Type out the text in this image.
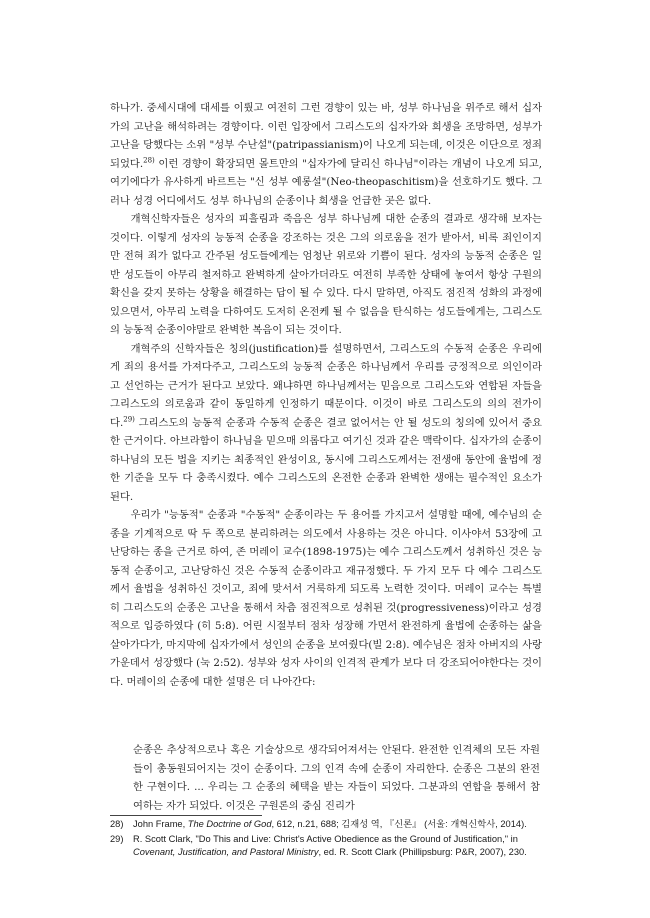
하나가. 중세시대에 대세를 이뤘고 여전히 그런 경향이 있는 바, 성부 하나님을 위주로 해서 십자가의 고난을 해석하려는 경향이다. 이런 입장에서 그리스도의 십자가와 희생을 조망하면, 성부가 고난을 당했다는 소위 "성부 수난설"(patripassianism)이 나오게 되는데, 이것은 이단으로 정죄되었다.$^{28)}$ 이런 경향이 확장되면 몰트만의 "십자가에 달리신 하나님"이라는 개념이 나오게 되고, 여기에다가 유사하게 바르트는 "신 성부 예롱설"(Neo-theopaschitism)을 선호하기도 했다. 그러나 성경 어디에서도 성부 하나님의 순종이나 희생을 언급한 곳은 없다.

개혁신학자들은 성자의 피흘림과 죽음은 성부 하나님께 대한 순종의 결과로 생각해 보자는 것이다. 이렇게 성자의 능동적 순종을 강조하는 것은 그의 의로움을 전가 받아서, 비록 죄인이지만 전혀 죄가 없다고 간주된 성도들에게는 엄청난 위로와 기쁨이 된다. 성자의 능동적 순종은 일반 성도들이 아무리 철저하고 완벽하게 살아가더라도 여전히 부족한 상태에 놓여서 항상 구원의 확신을 갖지 못하는 상황을 해결하는 답이 될 수 있다. 다시 말하면, 아직도 점진적 성화의 과정에 있으면서, 아무리 노력을 다하여도 도저히 온전케 될 수 없음을 탄식하는 성도들에게는, 그리스도의 능동적 순종이야말로 완벽한 복음이 되는 것이다.

개혁주의 신학자들은 칭의(justification)를 설명하면서, 그리스도의 수동적 순종은 우리에게 죄의 용서를 가져다주고, 그리스도의 능동적 순종은 하나님께서 우리를 긍정적으로 의인이라고 선언하는 근거가 된다고 보았다. 왜냐하면 하나님께서는 믿음으로 그리스도와 연합된 자들을 그리스도의 의로움과 같이 동일하게 인정하기 때문이다. 이것이 바로 그리스도의 의의 전가이다.$^{29)}$ 그리스도의 능동적 순종과 수동적 순종은 결코 없어서는 안 될 성도의 칭의에 있어서 중요한 근거이다. 아브라함이 하나님을 믿으매 의롭다고 여기신 것과 같은 맥락이다. 십자가의 순종이 하나님의 모든 법을 지키는 최종적인 완성이요, 동시에 그리스도께서는 전생애 동안에 율법에 정한 기준을 모두 다 충족시켰다. 예수 그리스도의 온전한 순종과 완벽한 생애는 필수적인 요소가 된다.

우리가 "능동적" 순종과 "수동적" 순종이라는 두 용어를 가지고서 설명할 때에, 예수님의 순종을 기계적으로 딱 두 쪽으로 분리하려는 의도에서 사용하는 것은 아니다. 이사야서 53장에 고난당하는 종을 근거로 하여, 존 머레이 교수(1898-1975)는 예수 그리스도께서 성취하신 것은 능동적 순종이고, 고난당하신 것은 수동적 순종이라고 재규정했다. 두 가지 모두 다 예수 그리스도께서 율법을 성취하신 것이고, 죄에 맞서서 거룩하게 되도록 노력한 것이다. 머레이 교수는 특별히 그리스도의 순종은 고난을 통해서 차츰 점진적으로 성취된 것(progressiveness)이라고 성경적으로 입증하였다 (히 5:8). 어린 시절부터 점차 성장해 가면서 완전하게 율법에 순종하는 삶을 살아가다가, 마지막에 십자가에서 성인의 순종을 보여줬다(빌 2:8). 예수님은 점차 아버지의 사랑 가운데서 성장했다 (눅 2:52). 성부와 성자 사이의 인격적 관계가 보다 더 강조되어야한다는 것이다. 머레이의 순종에 대한 설명은 더 나아간다:

순종은 추상적으로나 혹은 기술상으로 생각되어져서는 안된다. 완전한 인격체의 모든 자원들이 총동원되어지는 것이 순종이다. 그의 인격 속에 순종이 자리한다. 순종은 그분의 완전한 구현이다. ... 우리는 그 순종의 혜택을 받는 자들이 되었다. 그분과의 연합을 통해서 참여하는 자가 되었다. 이것은 구원론의 중심 진리가

28)	John Frame, The Doctrine of God, 612, n.21, 688; 김재성 역, 『신론』 (서울: 개혁신학사, 2014).
29)	R. Scott Clark, "Do This and Live: Christ's Active Obedience as the Ground of Justification," in Covenant, Justification, and Pastoral Ministry, ed. R. Scott Clark (Phillipsburg: P&R, 2007), 230.
